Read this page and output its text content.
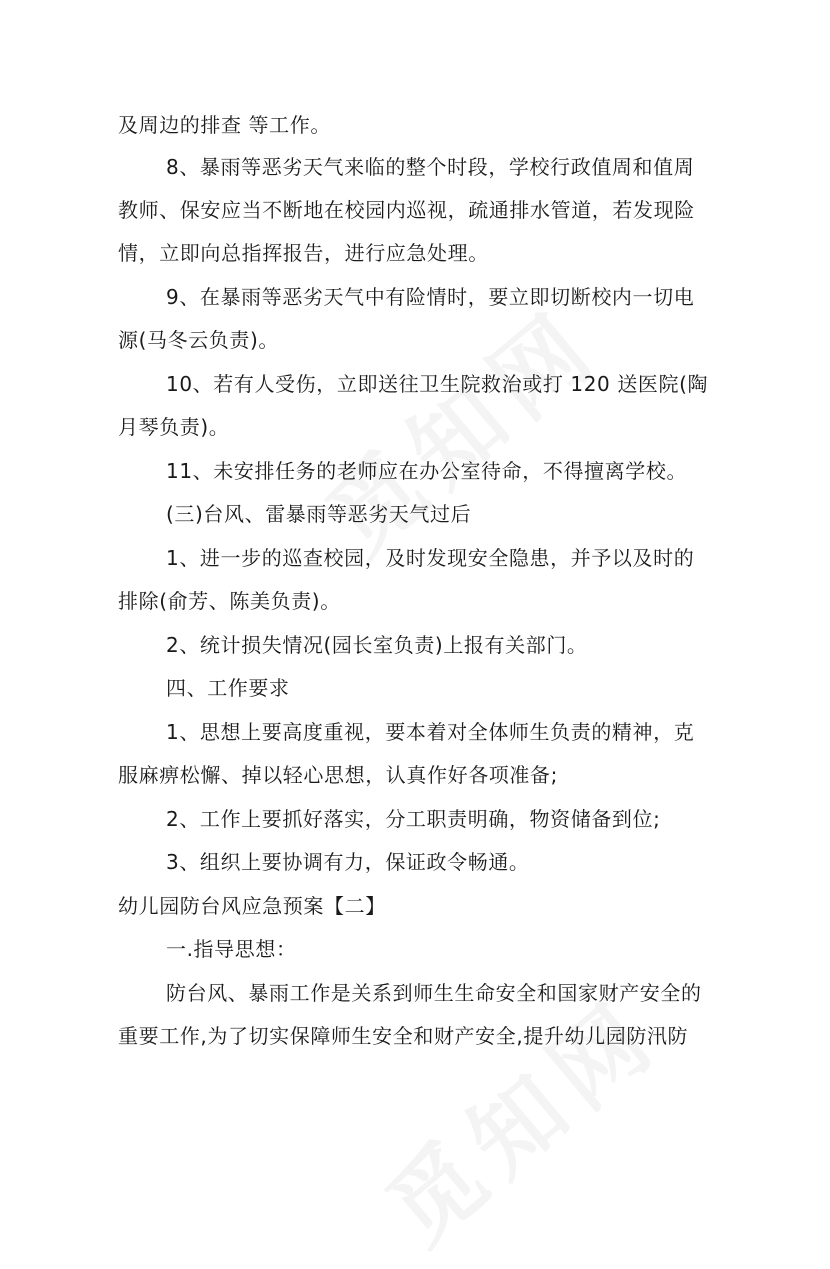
及周边的排查 等工作。
8、暴雨等恶劣天气来临的整个时段，学校行政值周和值周
教师、保安应当不断地在校园内巡视，疏通排水管道，若发现险
情，立即向总指挥报告，进行应急处理。
9、在暴雨等恶劣天气中有险情时，要立即切断校内一切电
源(马冬云负责)。
10、若有人受伤，立即送往卫生院救治或打 120 送医院(陶
月琴负责)。
11、未安排任务的老师应在办公室待命，不得擅离学校。
(三)台风、雷暴雨等恶劣天气过后
1、进一步的巡查校园，及时发现安全隐患，并予以及时的
排除(俞芳、陈美负责)。
2、统计损失情况(园长室负责)上报有关部门。
四、工作要求
1、思想上要高度重视，要本着对全体师生负责的精神，克
服麻痹松懈、掉以轻心思想，认真作好各项准备;
2、工作上要抓好落实，分工职责明确，物资储备到位;
3、组织上要协调有力，保证政令畅通。
幼儿园防台风应急预案【二】
一.指导思想：
防台风、暴雨工作是关系到师生生命安全和国家财产安全的
重要工作,为了切实保障师生安全和财产安全,提升幼儿园防汛防
